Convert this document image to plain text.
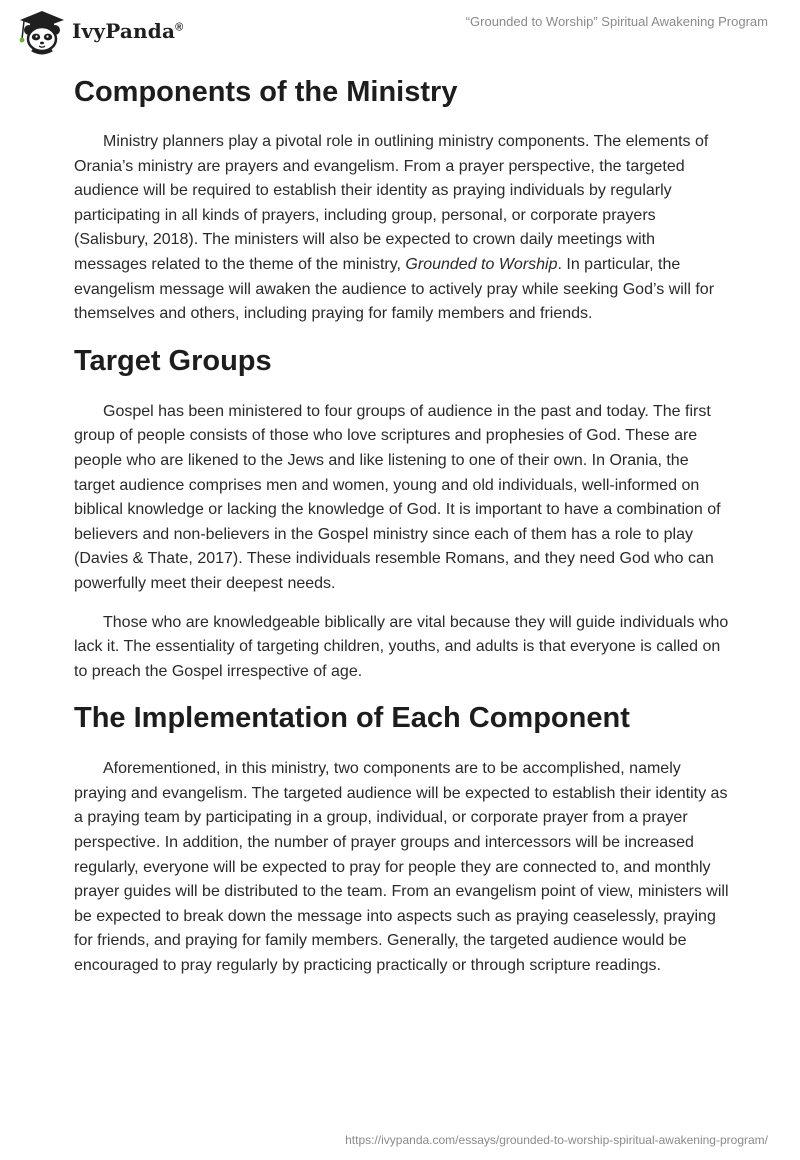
IvyPanda®	“Grounded to Worship” Spiritual Awakening Program
Components of the Ministry

Ministry planners play a pivotal role in outlining ministry components. The elements of Orania’s ministry are prayers and evangelism. From a prayer perspective, the targeted audience will be required to establish their identity as praying individuals by regularly participating in all kinds of prayers, including group, personal, or corporate prayers (Salisbury, 2018). The ministers will also be expected to crown daily meetings with messages related to the theme of the ministry, Grounded to Worship. In particular, the evangelism message will awaken the audience to actively pray while seeking God’s will for themselves and others, including praying for family members and friends.

Target Groups

Gospel has been ministered to four groups of audience in the past and today. The first group of people consists of those who love scriptures and prophesies of God. These are people who are likened to the Jews and like listening to one of their own. In Orania, the target audience comprises men and women, young and old individuals, well-informed on biblical knowledge or lacking the knowledge of God. It is important to have a combination of believers and non-believers in the Gospel ministry since each of them has a role to play (Davies & Thate, 2017). These individuals resemble Romans, and they need God who can powerfully meet their deepest needs.

Those who are knowledgeable biblically are vital because they will guide individuals who lack it. The essentiality of targeting children, youths, and adults is that everyone is called on to preach the Gospel irrespective of age.

The Implementation of Each Component

Aforementioned, in this ministry, two components are to be accomplished, namely praying and evangelism. The targeted audience will be expected to establish their identity as a praying team by participating in a group, individual, or corporate prayer from a prayer perspective. In addition, the number of prayer groups and intercessors will be increased regularly, everyone will be expected to pray for people they are connected to, and monthly prayer guides will be distributed to the team. From an evangelism point of view, ministers will be expected to break down the message into aspects such as praying ceaselessly, praying for friends, and praying for family members. Generally, the targeted audience would be encouraged to pray regularly by practicing practically or through scripture readings.

https://ivypanda.com/essays/grounded-to-worship-spiritual-awakening-program/
